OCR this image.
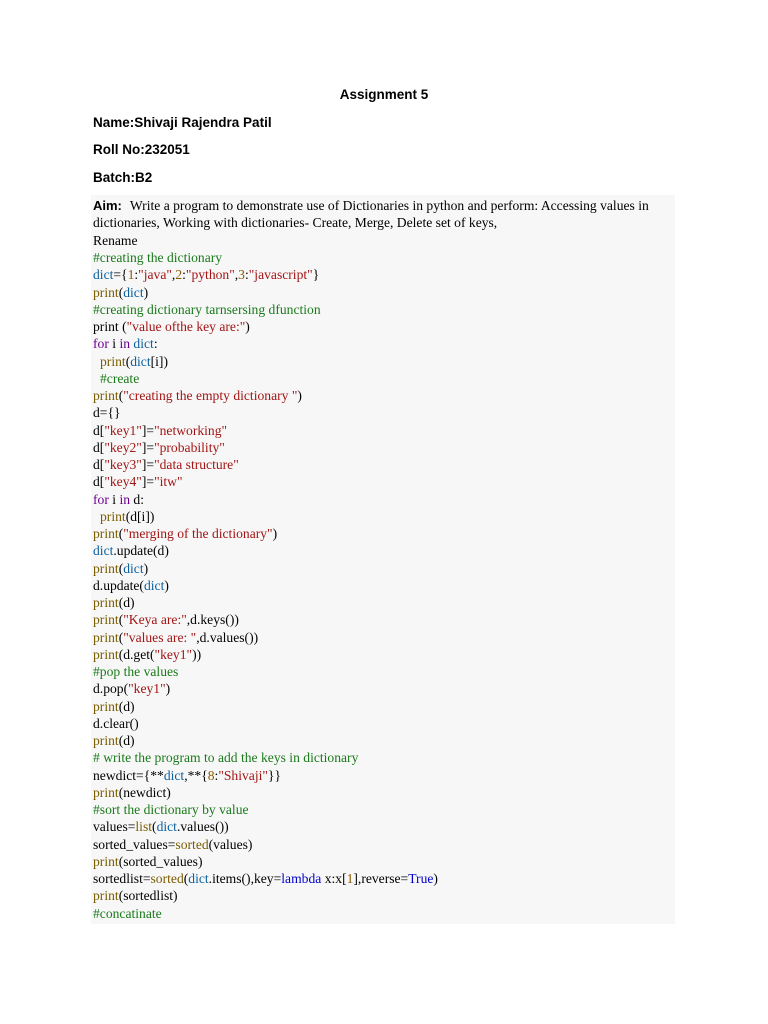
Assignment 5
Name:Shivaji Rajendra Patil
Roll No:232051
Batch:B2
Aim: Write a program to demonstrate use of Dictionaries in python and perform: Accessing values in
dictionaries, Working with dictionaries- Create, Merge, Delete set of keys,
Rename
#creating the dictionary
dict={1:"java",2:"python",3:"javascript"}
print(dict)
#creating dictionary tarnsersing dfunction
print ("value ofthe key are:")
for i in dict:
print(dict[i])
#create
print("creating the empty dictionary ")
d={}
d["key1"]="networking"
d["key2"]="probability"
d["key3"]="data structure"
d["key4"]="itw"
for i in d:
print(d[i])
print("merging of the dictionary")
dict.update(d)
print(dict)
d.update(dict)
print(d)
print("Keya are:",d.keys())
print("values are: ",d.values())
print(d.get("key1"))
#pop the values
d.pop("key1")
print(d)
d.clear()
print(d)
# write the program to add the keys in dictionary
newdict={**dict,**{8:"Shivaji"}}
print(newdict)
#sort the dictionary by value
values=list(dict.values())
sorted_values=sorted(values)
print(sorted_values)
sortedlist=sorted(dict.items(),key=lambda x:x[1],reverse=True)
print(sortedlist)
#concatinate
